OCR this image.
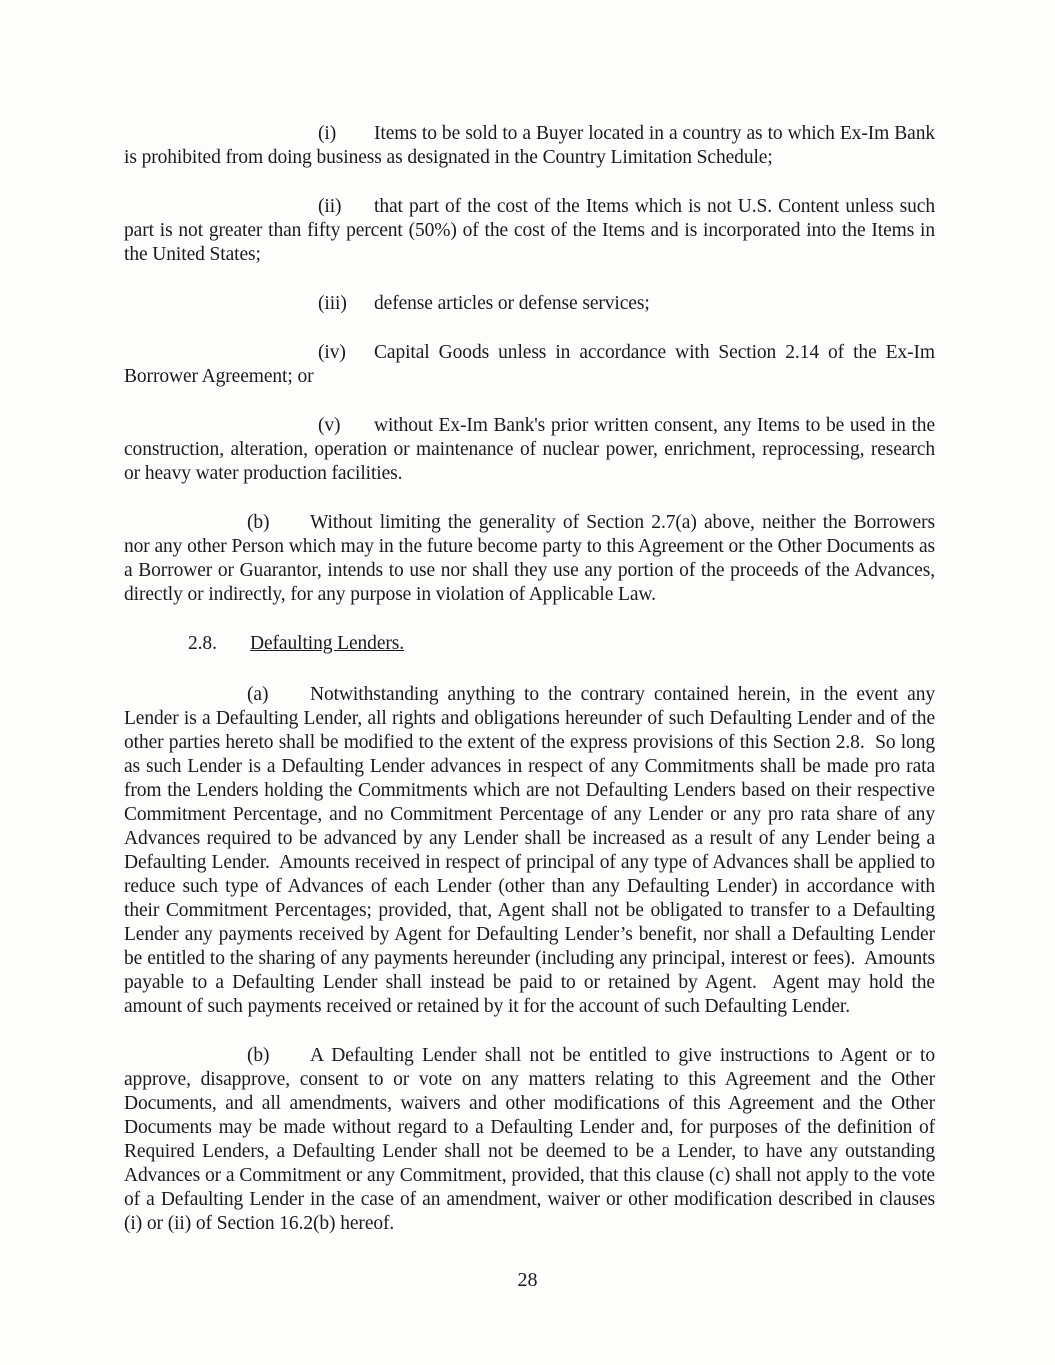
(i) Items to be sold to a Buyer located in a country as to which Ex-Im Bank is prohibited from doing business as designated in the Country Limitation Schedule;

(ii) that part of the cost of the Items which is not U.S. Content unless such part is not greater than fifty percent (50%) of the cost of the Items and is incorporated into the Items in the United States;

(iii) defense articles or defense services;

(iv) Capital Goods unless in accordance with Section 2.14 of the Ex-Im Borrower Agreement; or

(v) without Ex-Im Bank's prior written consent, any Items to be used in the construction, alteration, operation or maintenance of nuclear power, enrichment, reprocessing, research or heavy water production facilities.

(b) Without limiting the generality of Section 2.7(a) above, neither the Borrowers nor any other Person which may in the future become party to this Agreement or the Other Documents as a Borrower or Guarantor, intends to use nor shall they use any portion of the proceeds of the Advances, directly or indirectly, for any purpose in violation of Applicable Law.

2.8. Defaulting Lenders.

(a) Notwithstanding anything to the contrary contained herein, in the event any Lender is a Defaulting Lender, all rights and obligations hereunder of such Defaulting Lender and of the other parties hereto shall be modified to the extent of the express provisions of this Section 2.8.  So long as such Lender is a Defaulting Lender advances in respect of any Commitments shall be made pro rata from the Lenders holding the Commitments which are not Defaulting Lenders based on their respective Commitment Percentage, and no Commitment Percentage of any Lender or any pro rata share of any Advances required to be advanced by any Lender shall be increased as a result of any Lender being a Defaulting Lender.  Amounts received in respect of principal of any type of Advances shall be applied to reduce such type of Advances of each Lender (other than any Defaulting Lender) in accordance with their Commitment Percentages; provided, that, Agent shall not be obligated to transfer to a Defaulting Lender any payments received by Agent for Defaulting Lender’s benefit, nor shall a Defaulting Lender be entitled to the sharing of any payments hereunder (including any principal, interest or fees).  Amounts payable to a Defaulting Lender shall instead be paid to or retained by Agent.  Agent may hold the amount of such payments received or retained by it for the account of such Defaulting Lender.

(b) A Defaulting Lender shall not be entitled to give instructions to Agent or to approve, disapprove, consent to or vote on any matters relating to this Agreement and the Other Documents, and all amendments, waivers and other modifications of this Agreement and the Other Documents may be made without regard to a Defaulting Lender and, for purposes of the definition of Required Lenders, a Defaulting Lender shall not be deemed to be a Lender, to have any outstanding Advances or a Commitment or any Commitment, provided, that this clause (c) shall not apply to the vote of a Defaulting Lender in the case of an amendment, waiver or other modification described in clauses (i) or (ii) of Section 16.2(b) hereof.

28
